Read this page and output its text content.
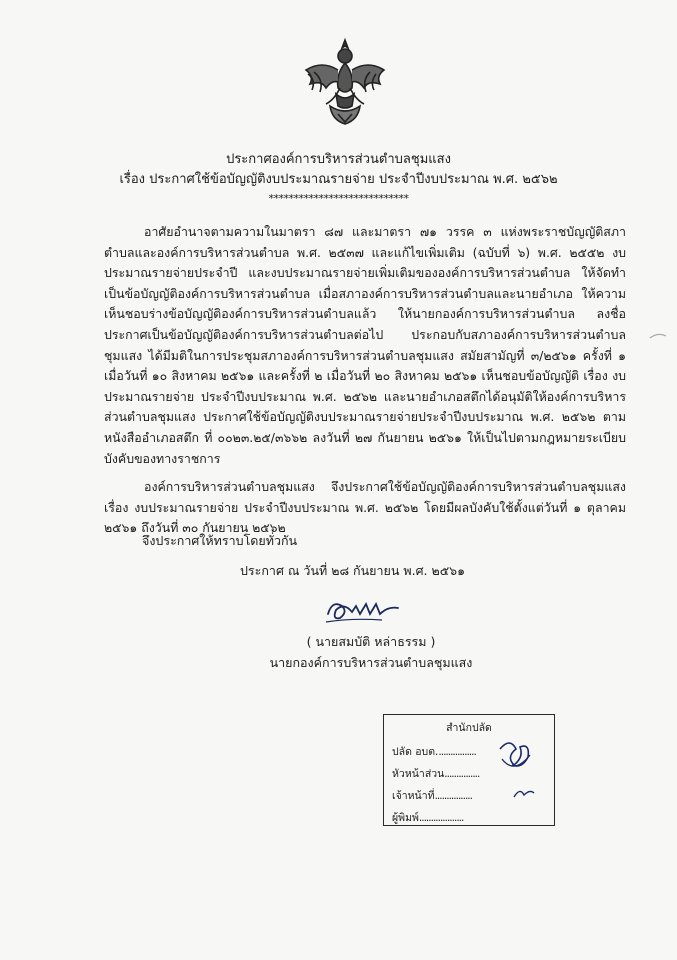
ประกาศองค์การบริหารส่วนตำบลชุมแสง
เรื่อง ประกาศใช้ข้อบัญญัติงบประมาณรายจ่าย ประจำปีงบประมาณ พ.ศ. ๒๕๖๒
****************************
อาศัยอำนาจตามความในมาตรา ๘๗ และมาตรา ๗๑ วรรค ๓ แห่งพระราชบัญญัติสภาตำบลและองค์การบริหารส่วนตำบล พ.ศ. ๒๕๓๗ และแก้ไขเพิ่มเติม (ฉบับที่ ๖) พ.ศ. ๒๕๕๒ งบประมาณรายจ่ายประจำปี และงบประมาณรายจ่ายเพิ่มเติมขององค์การบริหารส่วนตำบล ให้จัดทำเป็นข้อบัญญัติองค์การบริหารส่วนตำบล เมื่อสภาองค์การบริหารส่วนตำบลและนายอำเภอ ให้ความเห็นชอบร่างข้อบัญญัติองค์การบริหารส่วนตำบลแล้ว ให้นายกองค์การบริหารส่วนตำบล ลงชื่อประกาศเป็นข้อบัญญัติองค์การบริหารส่วนตำบลต่อไป ประกอบกับสภาองค์การบริหารส่วนตำบลชุมแสง ได้มีมติในการประชุมสภาองค์การบริหารส่วนตำบลชุมแสง สมัยสามัญที่ ๓/๒๕๖๑ ครั้งที่ ๑ เมื่อวันที่ ๑๐ สิงหาคม ๒๕๖๑ และครั้งที่ ๒ เมื่อวันที่ ๒๐ สิงหาคม ๒๕๖๑ เห็นชอบข้อบัญญัติ เรื่อง งบประมาณรายจ่าย ประจำปีงบประมาณ พ.ศ. ๒๕๖๒ และนายอำเภอสตึกได้อนุมัติให้องค์การบริหารส่วนตำบลชุมแสง ประกาศใช้ข้อบัญญัติงบประมาณรายจ่ายประจำปีงบประมาณ พ.ศ. ๒๕๖๒ ตามหนังสืออำเภอสตึก ที่ ๐๐๒๓.๒๕/๓๖๖๒ ลงวันที่ ๒๗ กันยายน ๒๕๖๑ ให้เป็นไปตามกฎหมายระเบียบบังคับของทางราชการ
องค์การบริหารส่วนตำบลชุมแสง จึงประกาศใช้ข้อบัญญัติองค์การบริหารส่วนตำบลชุมแสง เรื่อง งบประมาณรายจ่าย ประจำปีงบประมาณ พ.ศ. ๒๕๖๒ โดยมีผลบังคับใช้ตั้งแต่วันที่ ๑ ตุลาคม ๒๕๖๑ ถึงวันที่ ๓๐ กันยายน ๒๕๖๒
จึงประกาศให้ทราบโดยทั่วกัน
ประกาศ ณ วันที่ ๒๘ กันยายน พ.ศ. ๒๕๖๑
( นายสมบัติ หล่าธรรม )
นายกองค์การบริหารส่วนตำบลชุมแสง
สำนักปลัด
ปลัด อบต.................
หัวหน้าส่วน...............
เจ้าหน้าที่................
ผู้พิมพ์...................
